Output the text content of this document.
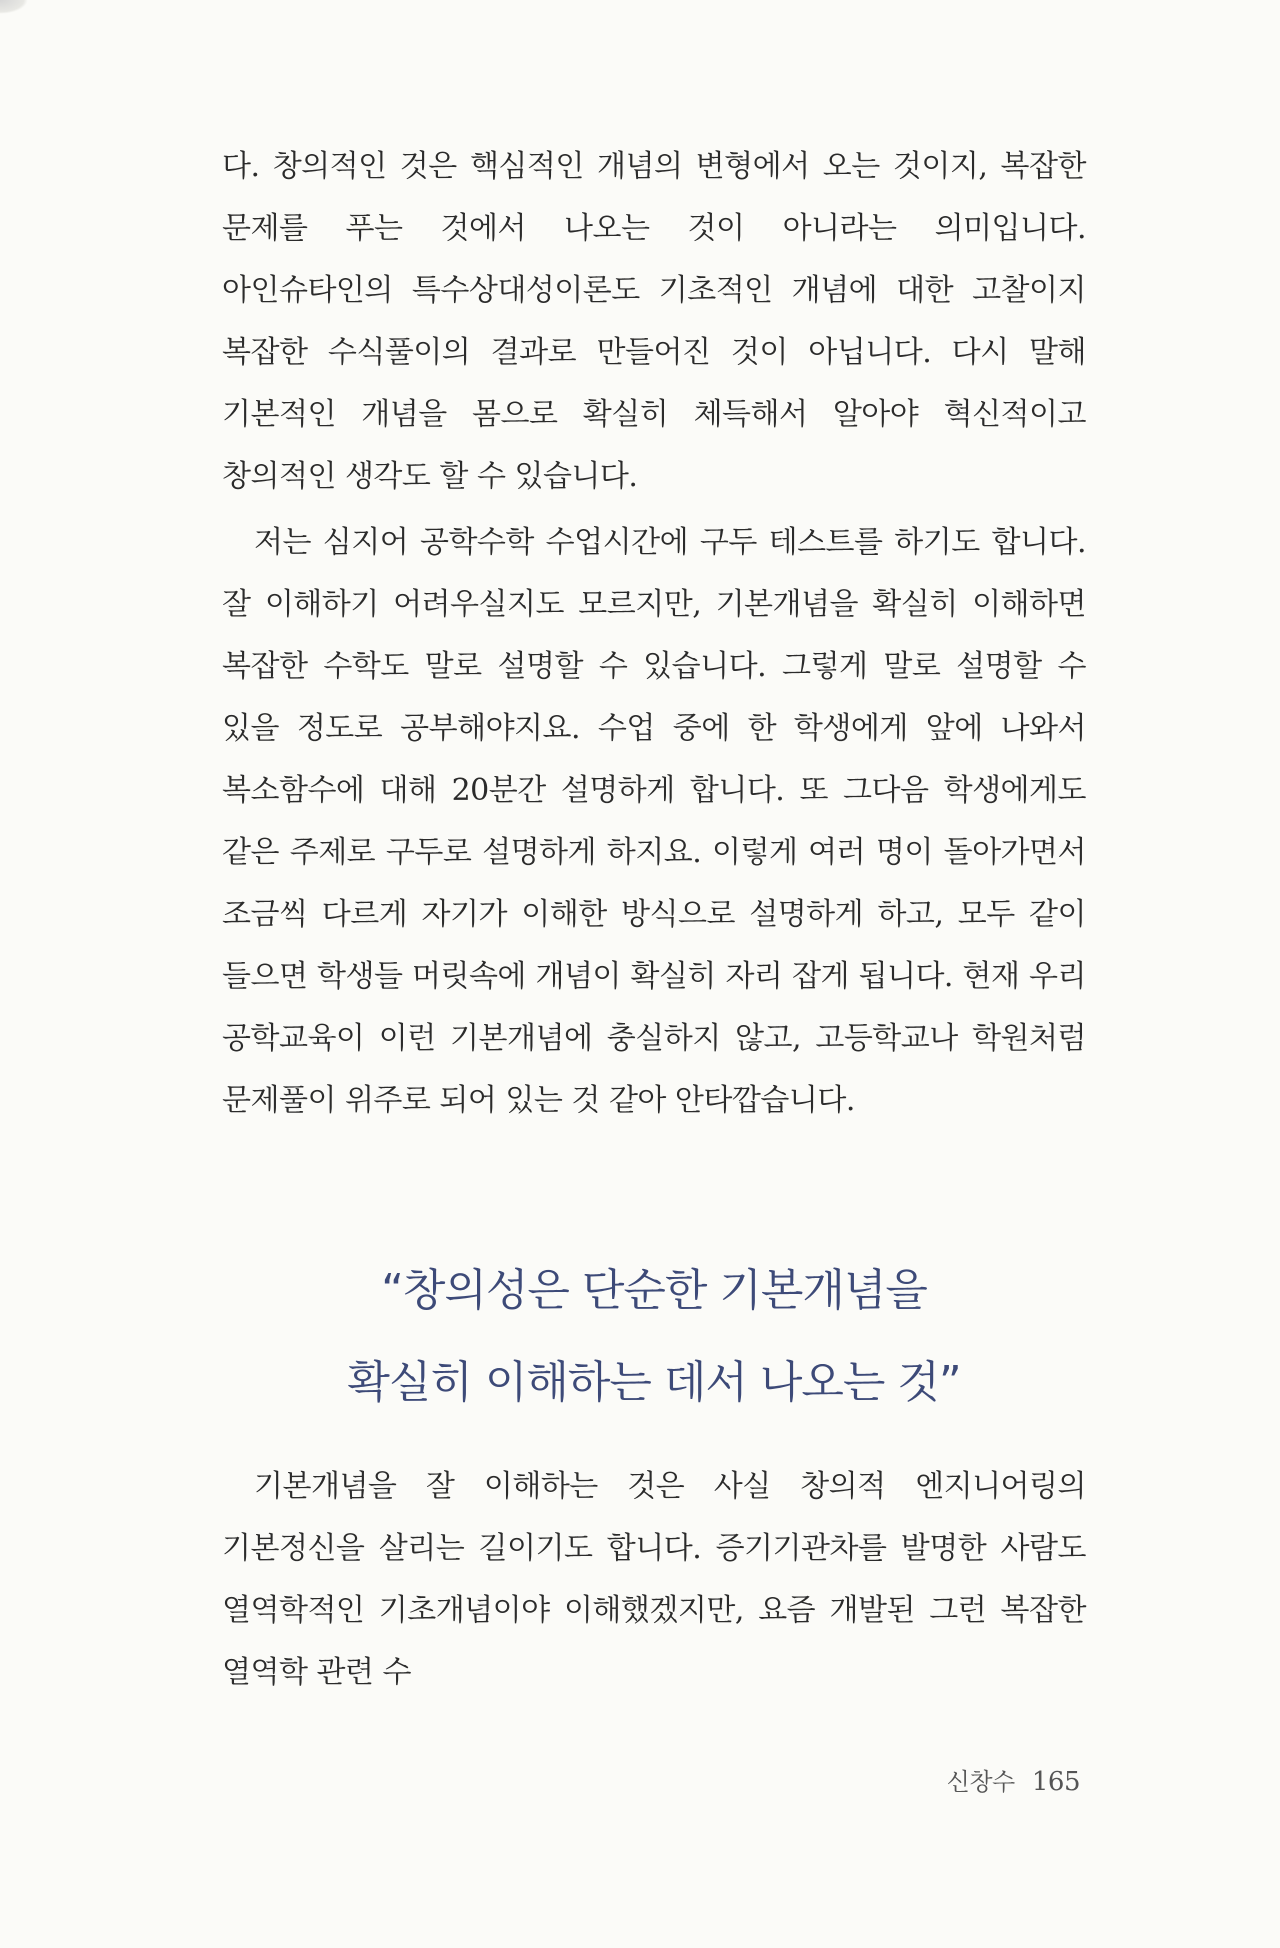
다. 창의적인 것은 핵심적인 개념의 변형에서 오는 것이지, 복잡한 문제를 푸는 것에서 나오는 것이 아니라는 의미입니다. 아인슈타인의 특수상대성이론도 기초적인 개념에 대한 고찰이지 복잡한 수식풀이의 결과로 만들어진 것이 아닙니다. 다시 말해 기본적인 개념을 몸으로 확실히 체득해서 알아야 혁신적이고 창의적인 생각도 할 수 있습니다.

저는 심지어 공학수학 수업시간에 구두 테스트를 하기도 합니다. 잘 이해하기 어려우실지도 모르지만, 기본개념을 확실히 이해하면 복잡한 수학도 말로 설명할 수 있습니다. 그렇게 말로 설명할 수 있을 정도로 공부해야지요. 수업 중에 한 학생에게 앞에 나와서 복소함수에 대해 20분간 설명하게 합니다. 또 그다음 학생에게도 같은 주제로 구두로 설명하게 하지요. 이렇게 여러 명이 돌아가면서 조금씩 다르게 자기가 이해한 방식으로 설명하게 하고, 모두 같이 들으면 학생들 머릿속에 개념이 확실히 자리 잡게 됩니다. 현재 우리 공학교육이 이런 기본개념에 충실하지 않고, 고등학교나 학원처럼 문제풀이 위주로 되어 있는 것 같아 안타깝습니다.

“창의성은 단순한 기본개념을
확실히 이해하는 데서 나오는 것”

기본개념을 잘 이해하는 것은 사실 창의적 엔지니어링의 기본정신을 살리는 길이기도 합니다. 증기기관차를 발명한 사람도 열역학적인 기초개념이야 이해했겠지만, 요즘 개발된 그런 복잡한 열역학 관련 수

신창수 165
